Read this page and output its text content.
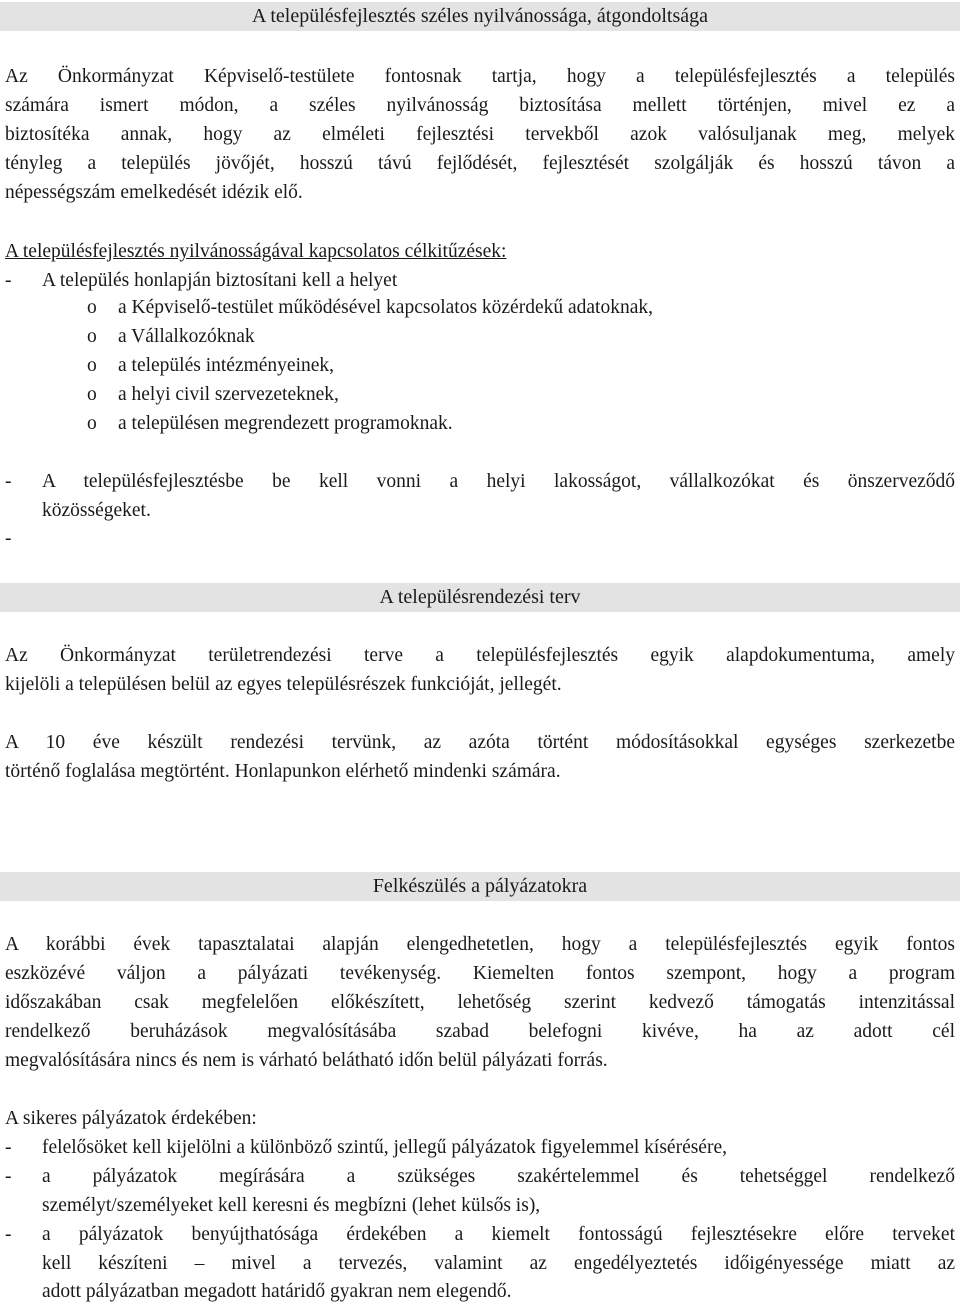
A településfejlesztés széles nyilvánossága, átgondoltsága
Az Önkormányzat Képviselő-testülete fontosnak tartja, hogy a településfejlesztés a település
számára ismert módon, a széles nyilvánosság biztosítása mellett történjen, mivel ez a
biztosítéka annak, hogy az elméleti fejlesztési tervekből azok valósuljanak meg, melyek
tényleg a település jövőjét, hosszú távú fejlődését, fejlesztését szolgálják és hosszú távon a
népességszám emelkedését idézik elő.
A településfejlesztés nyilvánosságával kapcsolatos célkitűzések:
-	A település honlapján biztosítani kell a helyet
o	a Képviselő-testület működésével kapcsolatos közérdekű adatoknak,
o	a Vállalkozóknak
o	a település intézményeinek,
o	a helyi civil szervezeteknek,
o	a településen megrendezett programoknak.
-	A településfejlesztésbe be kell vonni a helyi lakosságot, vállalkozókat és önszerveződő
közösségeket.
-
A településrendezési terv
Az Önkormányzat területrendezési terve a településfejlesztés egyik alapdokumentuma, amely
kijelöli a településen belül az egyes településrészek funkcióját, jellegét.
A 10 éve készült rendezési tervünk, az azóta történt módosításokkal egységes szerkezetbe
történő foglalása megtörtént. Honlapunkon elérhető mindenki számára.
Felkészülés a pályázatokra
A korábbi évek tapasztalatai alapján elengedhetetlen, hogy a településfejlesztés egyik fontos
eszközévé váljon a pályázati tevékenység. Kiemelten fontos szempont, hogy a program
időszakában csak megfelelően előkészített, lehetőség szerint kedvező támogatás intenzitással
rendelkező beruházások megvalósításába szabad belefogni kivéve, ha az adott cél
megvalósítására nincs és nem is várható belátható időn belül pályázati forrás.
A sikeres pályázatok érdekében:
-	felelősöket kell kijelölni a különböző szintű, jellegű pályázatok figyelemmel kísérésére,
-	a pályázatok megírására a szükséges szakértelemmel és tehetséggel rendelkező
személyt/személyeket kell keresni és megbízni (lehet külsős is),
-	a pályázatok benyújthatósága érdekében a kiemelt fontosságú fejlesztésekre előre terveket
kell készíteni – mivel a tervezés, valamint az engedélyeztetés időigényessége miatt az
adott pályázatban megadott határidő gyakran nem elegendő.
